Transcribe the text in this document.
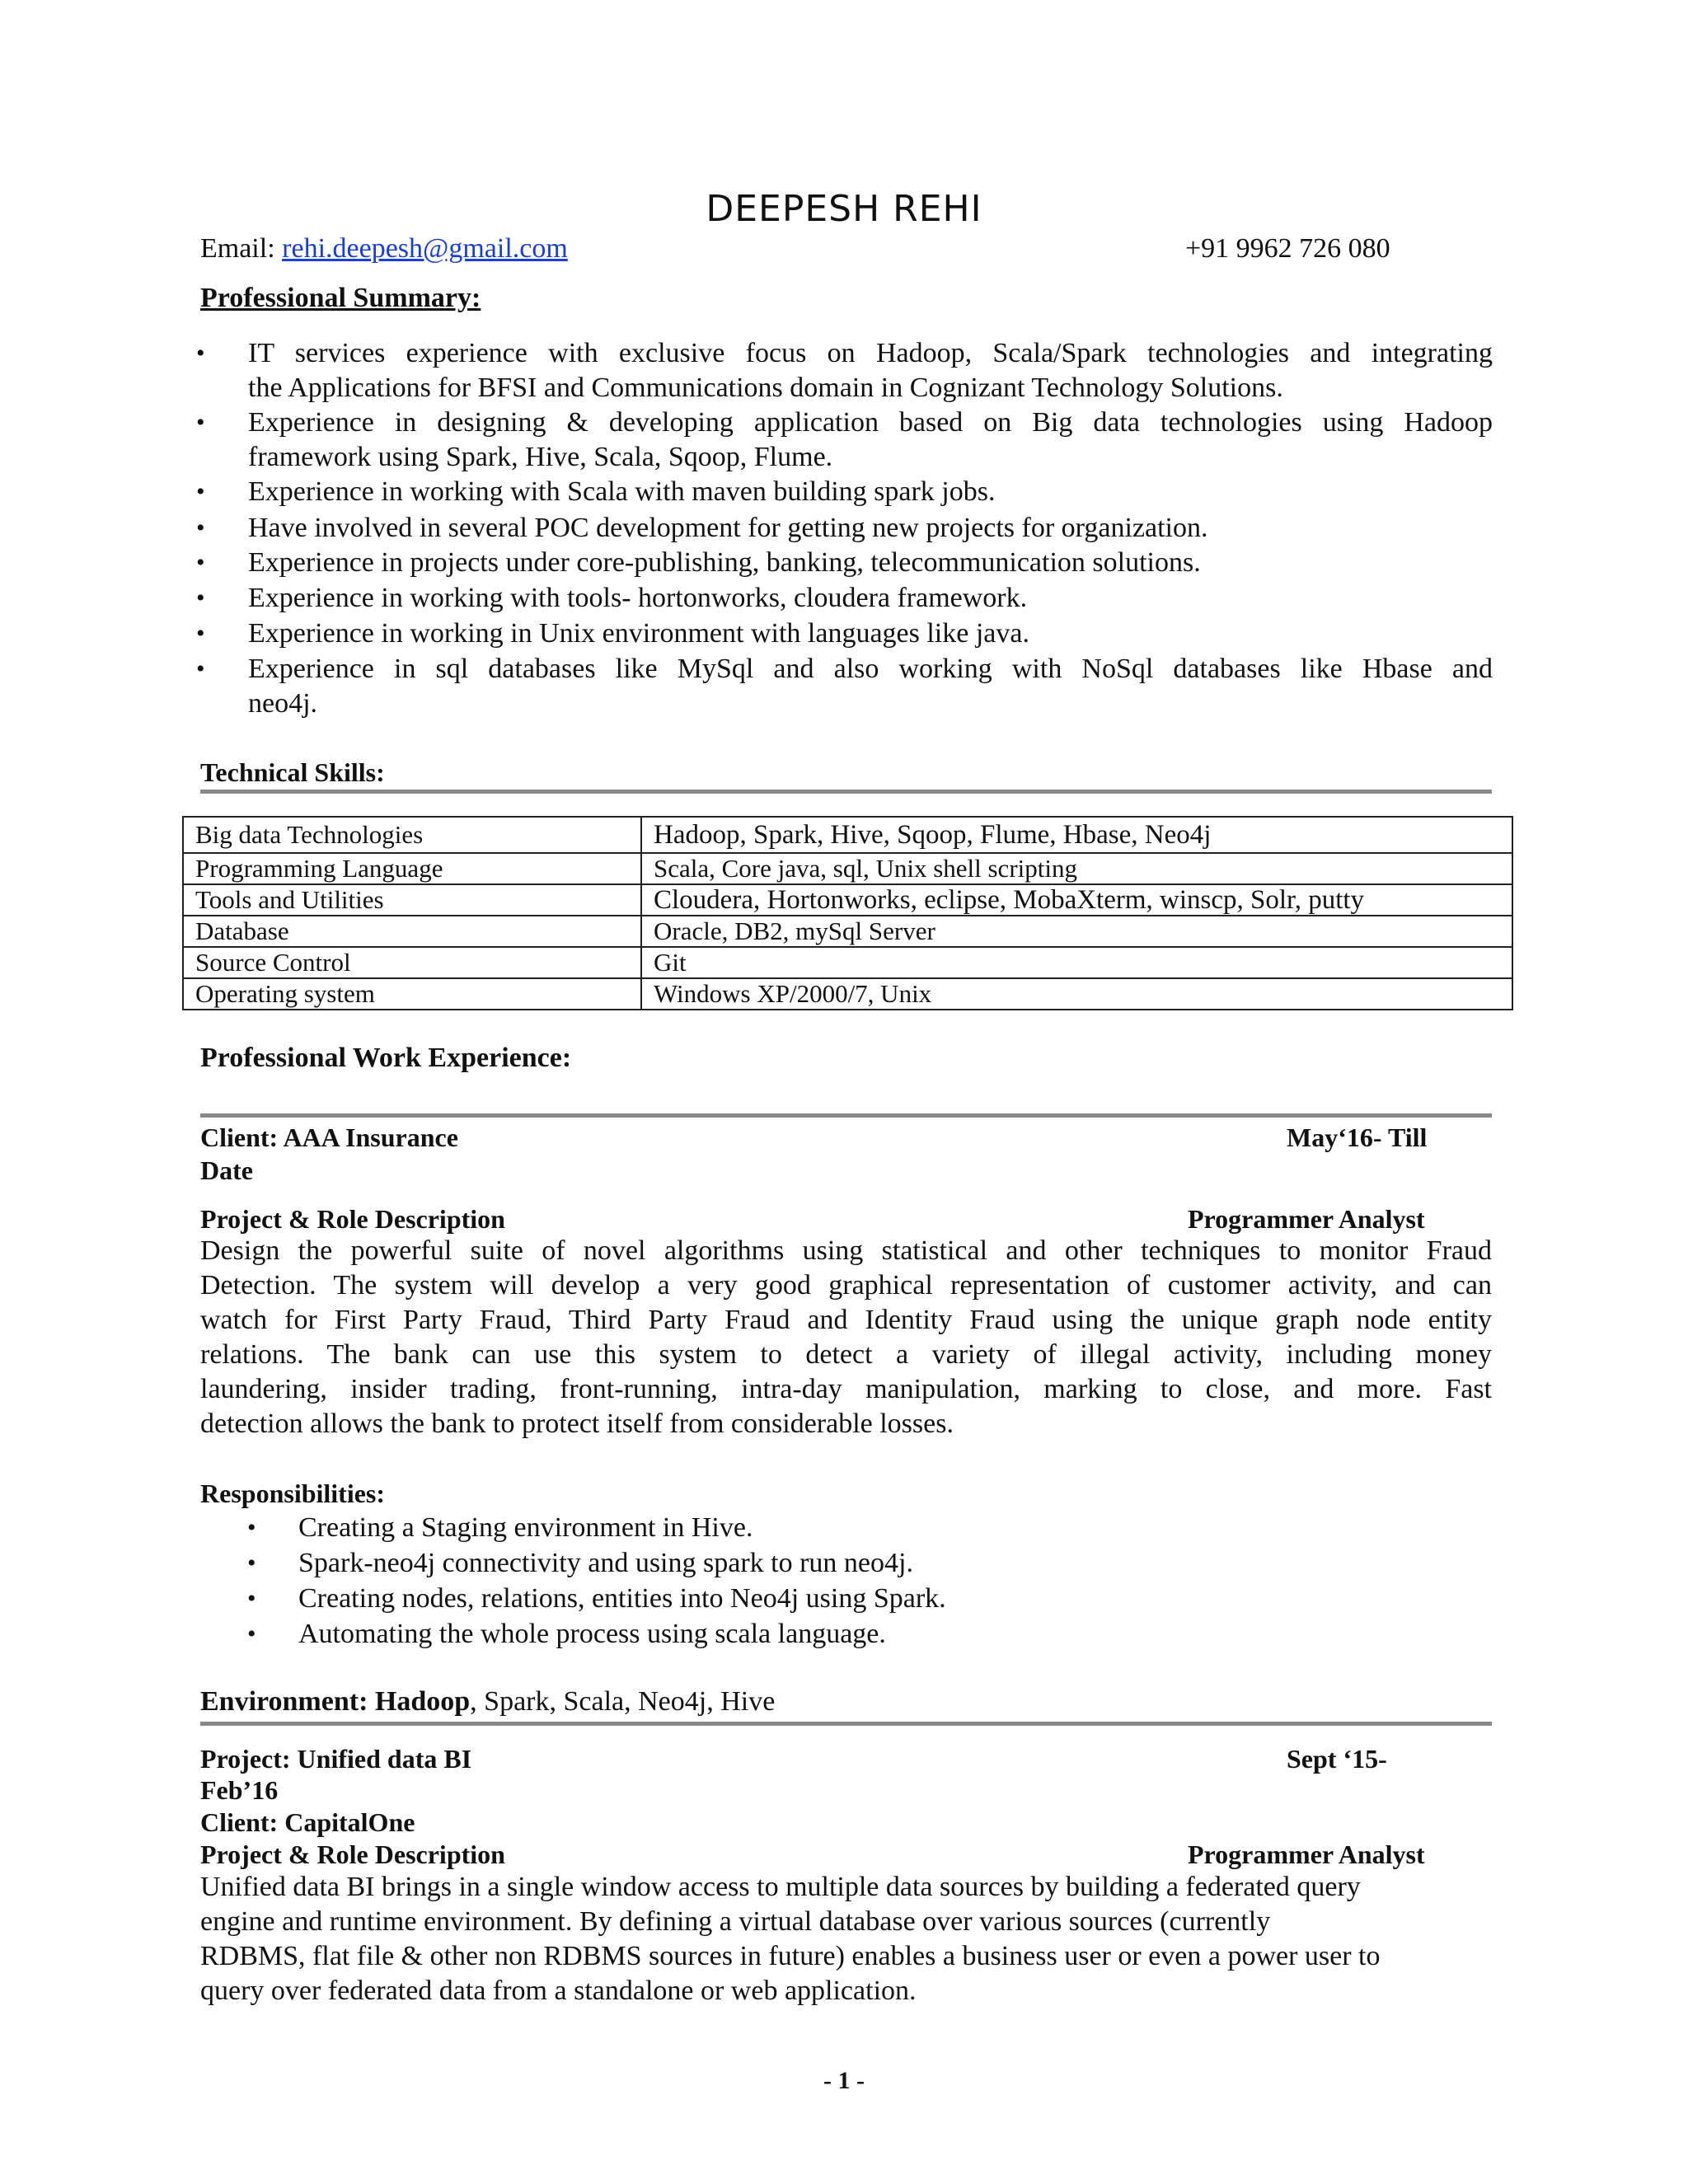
DEEPESH REHI
Email: rehi.deepesh@gmail.com	+91 9962 726 080
Professional Summary:
• IT services experience with exclusive focus on Hadoop, Scala/Spark technologies and integrating
the Applications for BFSI and Communications domain in Cognizant Technology Solutions.
• Experience in designing & developing application based on Big data technologies using Hadoop
framework using Spark, Hive, Scala, Sqoop, Flume.
• Experience in working with Scala with maven building spark jobs.
• Have involved in several POC development for getting new projects for organization.
• Experience in projects under core-publishing, banking, telecommunication solutions.
• Experience in working with tools- hortonworks, cloudera framework.
• Experience in working in Unix environment with languages like java.
• Experience in sql databases like MySql and also working with NoSql databases like Hbase and
neo4j.
Technical Skills:
Big data Technologies	Hadoop, Spark, Hive, Sqoop, Flume, Hbase, Neo4j
Programming Language	Scala, Core java, sql, Unix shell scripting
Tools and Utilities	Cloudera, Hortonworks, eclipse, MobaXterm, winscp, Solr, putty
Database	Oracle, DB2, mySql Server
Source Control	Git
Operating system	Windows XP/2000/7, Unix
Professional Work Experience:
Client: AAA Insurance	May‘16- Till
Date
Project & Role Description	Programmer Analyst
Design the powerful suite of novel algorithms using statistical and other techniques to monitor Fraud
Detection. The system will develop a very good graphical representation of customer activity, and can
watch for First Party Fraud, Third Party Fraud and Identity Fraud using the unique graph node entity
relations. The bank can use this system to detect a variety of illegal activity, including money
laundering, insider trading, front-running, intra-day manipulation, marking to close, and more. Fast
detection allows the bank to protect itself from considerable losses.
Responsibilities:
• Creating a Staging environment in Hive.
• Spark-neo4j connectivity and using spark to run neo4j.
• Creating nodes, relations, entities into Neo4j using Spark.
• Automating the whole process using scala language.
Environment: Hadoop, Spark, Scala, Neo4j, Hive
Project: Unified data BI	Sept ‘15-
Feb’16
Client: CapitalOne
Project & Role Description	Programmer Analyst
Unified data BI brings in a single window access to multiple data sources by building a federated query
engine and runtime environment. By defining a virtual database over various sources (currently
RDBMS, flat file & other non RDBMS sources in future) enables a business user or even a power user to
query over federated data from a standalone or web application.
- 1 -
